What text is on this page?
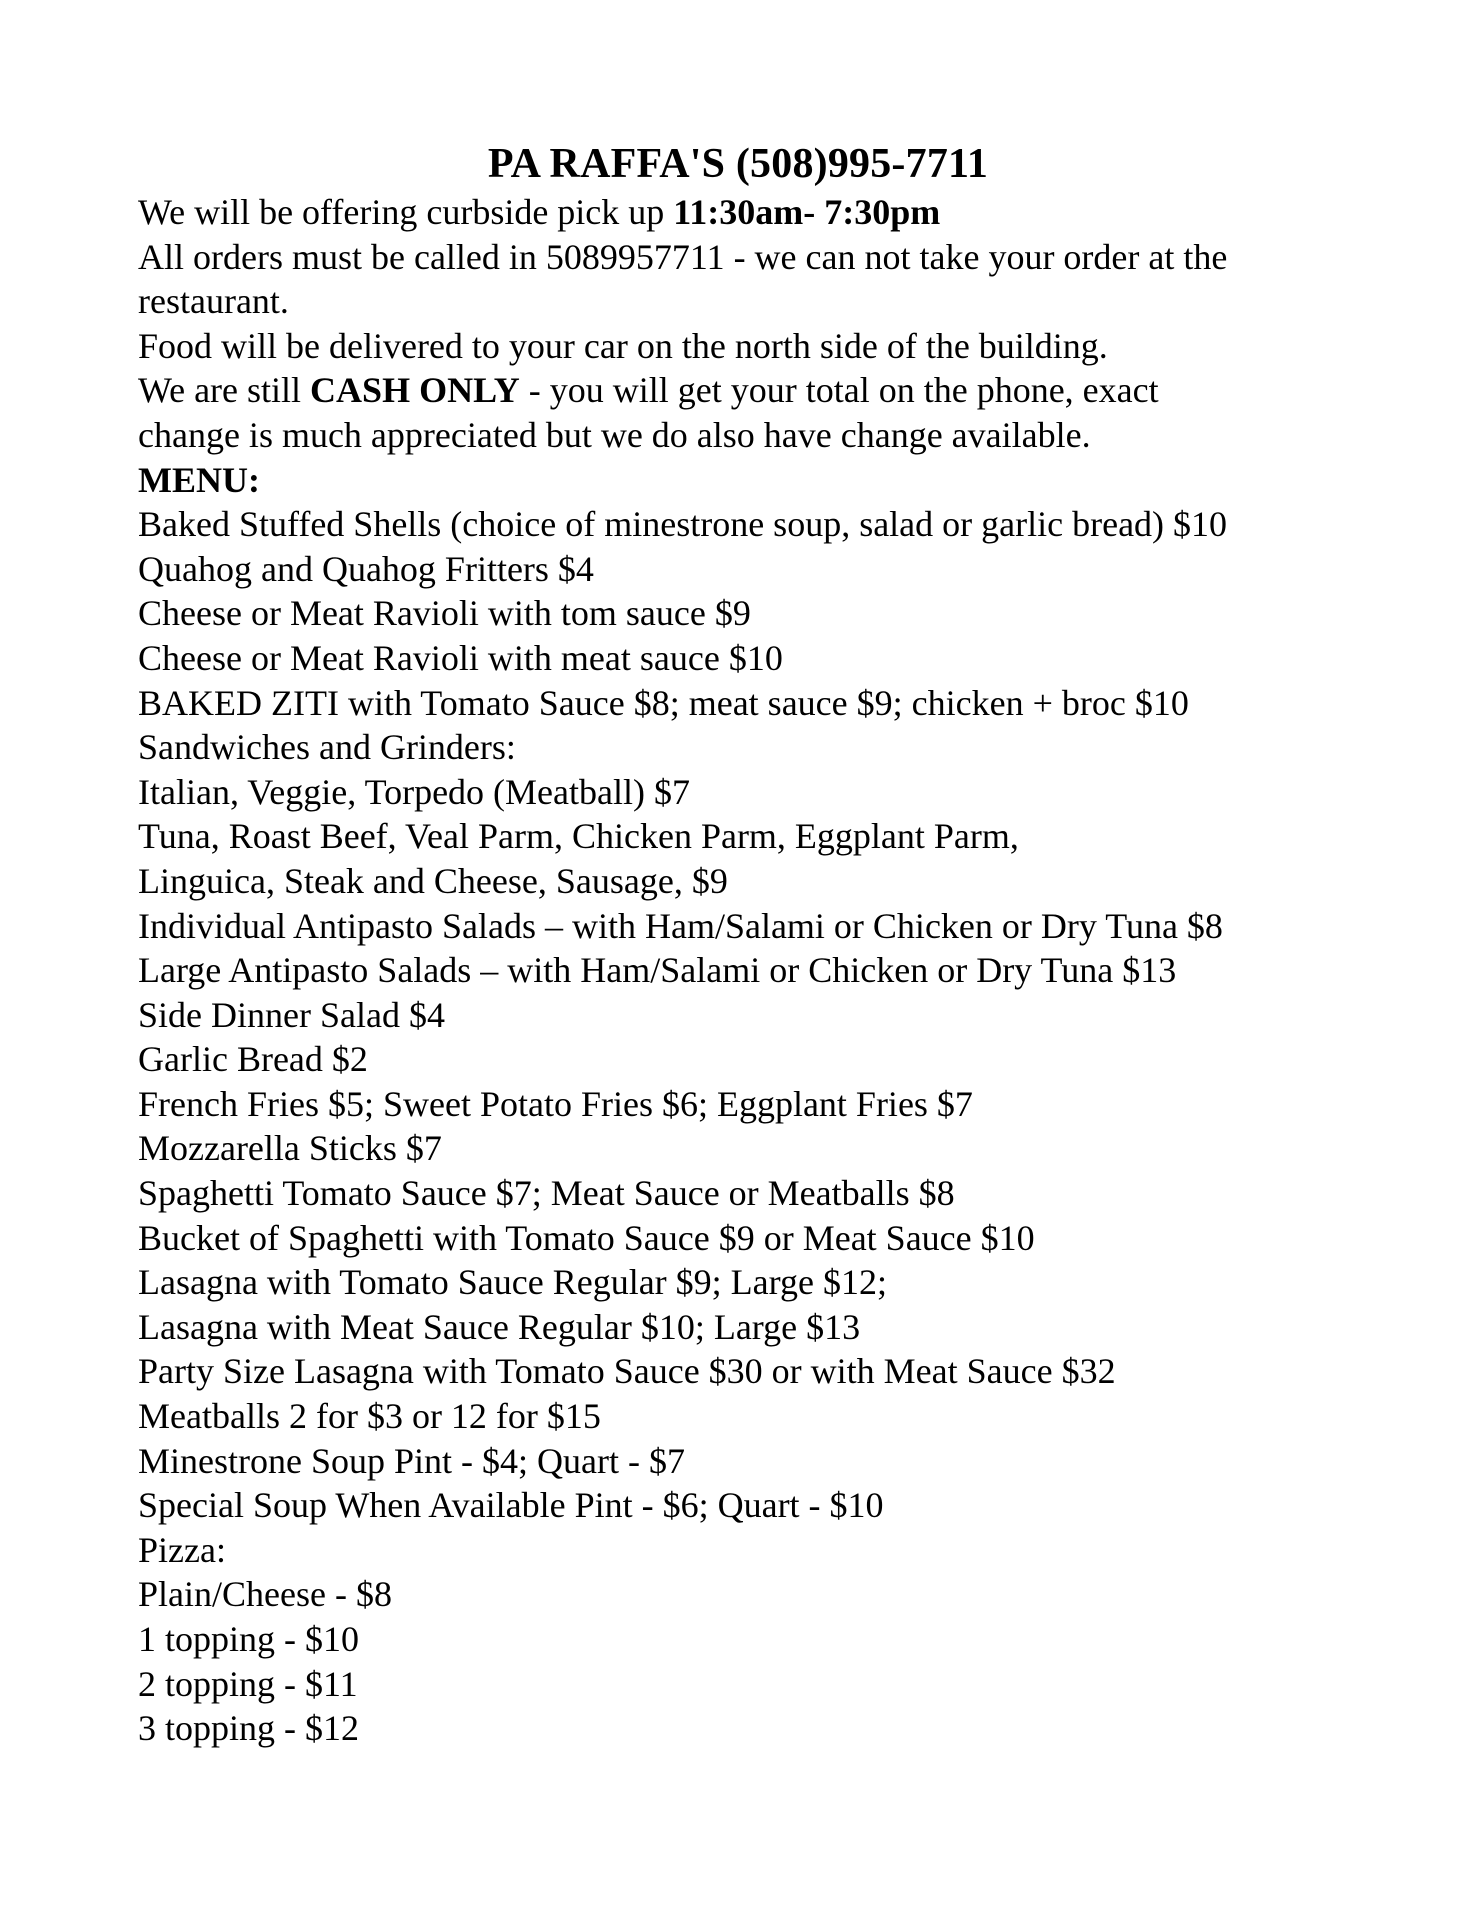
PA RAFFA'S (508)995-7711
We will be offering curbside pick up 11:30am- 7:30pm
All orders must be called in 5089957711 - we can not take your order at the
restaurant.
Food will be delivered to your car on the north side of the building.
We are still CASH ONLY - you will get your total on the phone, exact
change is much appreciated but we do also have change available.
MENU:
Baked Stuffed Shells (choice of minestrone soup, salad or garlic bread) $10
Quahog and Quahog Fritters $4
Cheese or Meat Ravioli with tom sauce $9
Cheese or Meat Ravioli with meat sauce $10
BAKED ZITI with Tomato Sauce $8; meat sauce $9; chicken + broc $10
Sandwiches and Grinders:
Italian, Veggie, Torpedo (Meatball) $7
Tuna, Roast Beef, Veal Parm, Chicken Parm, Eggplant Parm,
Linguica, Steak and Cheese, Sausage, $9
Individual Antipasto Salads – with Ham/Salami or Chicken or Dry Tuna $8
Large Antipasto Salads – with Ham/Salami or Chicken or Dry Tuna $13
Side Dinner Salad $4
Garlic Bread $2
French Fries $5; Sweet Potato Fries $6; Eggplant Fries $7
Mozzarella Sticks $7
Spaghetti Tomato Sauce $7; Meat Sauce or Meatballs $8
Bucket of Spaghetti with Tomato Sauce $9 or Meat Sauce $10
Lasagna with Tomato Sauce Regular $9; Large $12;
Lasagna with Meat Sauce Regular $10; Large $13
Party Size Lasagna with Tomato Sauce $30 or with Meat Sauce $32
Meatballs 2 for $3 or 12 for $15
Minestrone Soup Pint - $4; Quart - $7
Special Soup When Available Pint - $6; Quart - $10
Pizza:
Plain/Cheese - $8
1 topping - $10
2 topping - $11
3 topping - $12
